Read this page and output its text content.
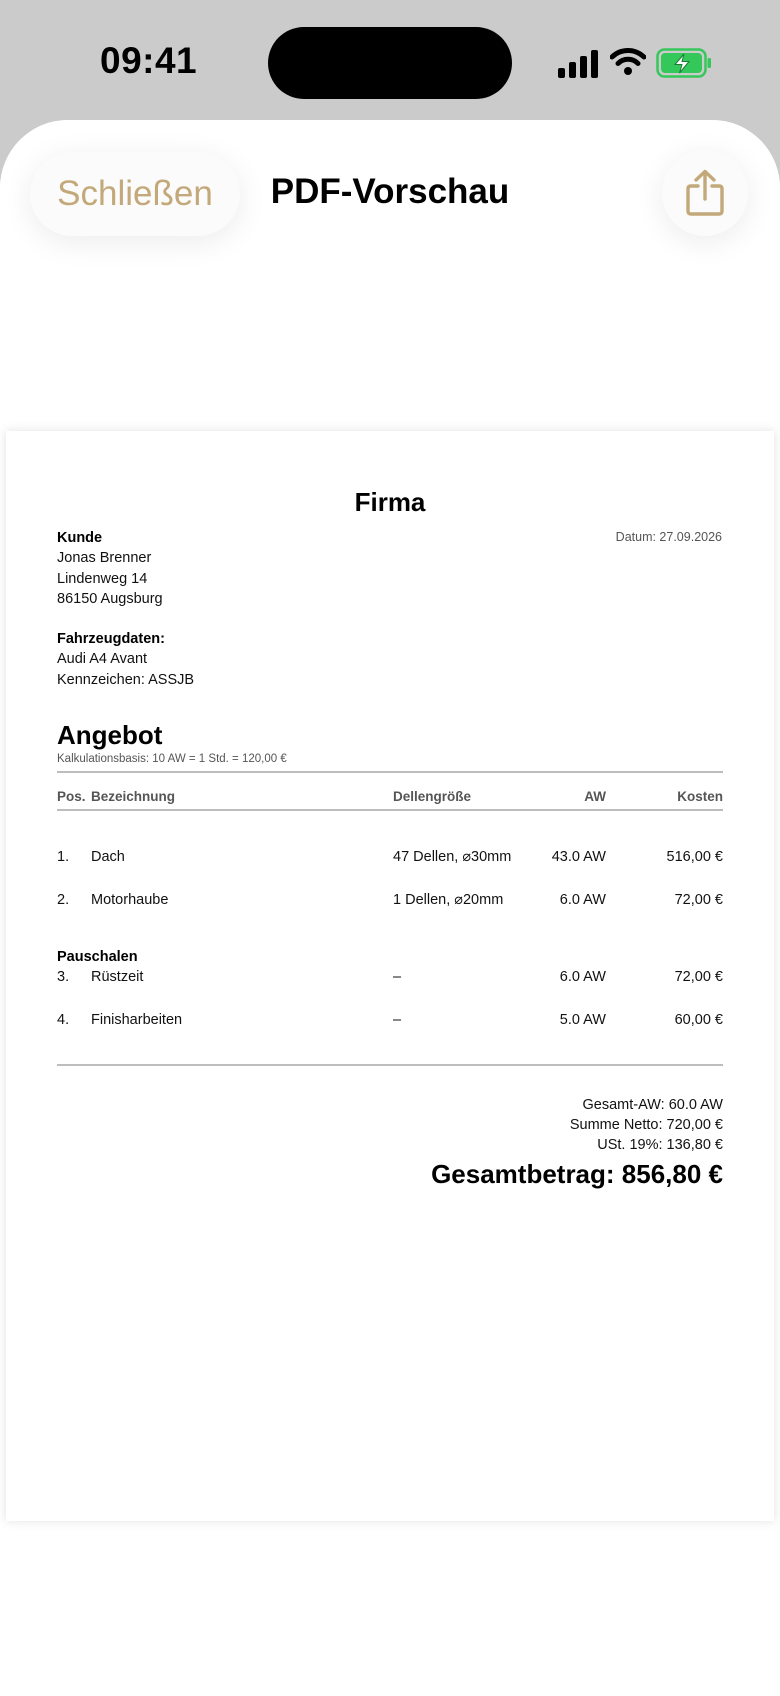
09:41
Firma
Datum: 27.09.2026
Kunde
Jonas Brenner
Lindenweg 14
86150 Augsburg
Fahrzeugdaten:
Audi A4 Avant
Kennzeichen: ASSJB
Angebot
Kalkulationsbasis: 10 AW = 1 Std. = 120,00 €
Pos. Bezeichnung	Dellengröße	AW	Kosten
1. Dach	47 Dellen, ⌀30mm	43.0 AW	516,00 €
2. Motorhaube	1 Dellen, ⌀20mm	6.0 AW	72,00 €
Pauschalen
3. Rüstzeit	–	6.0 AW	72,00 €
4. Finisharbeiten	–	5.0 AW	60,00 €
Gesamt-AW: 60.0 AW
Summe Netto: 720,00 €
USt. 19%: 136,80 €
Gesamtbetrag: 856,80 €
Schließen	PDF-Vorschau
